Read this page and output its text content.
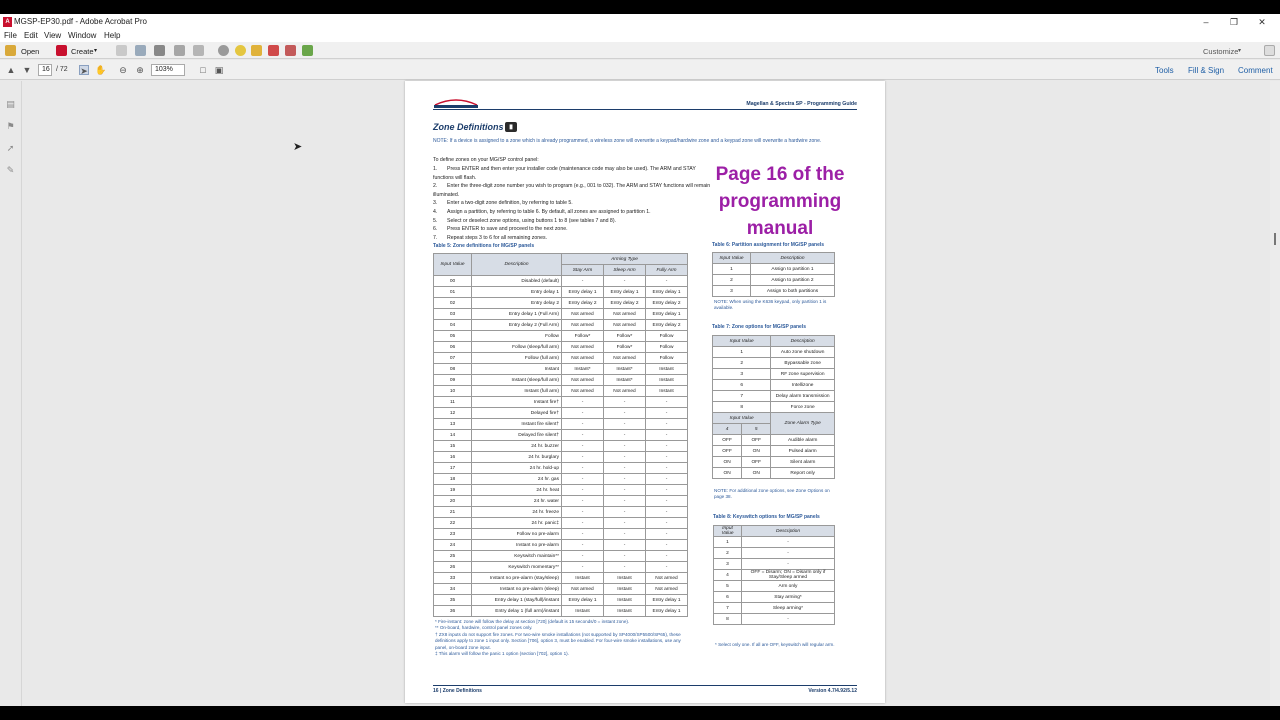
A MGSP-EP30.pdf - Adobe Acrobat Pro	–	❐	✕
File Edit View Window Help
Open	Create ▾	Customize ▾
▲ ▼	16 / 72 ➤ ✋ ⊖ ⊕	103%	□ ▣	Tools Fill & Sign Comment
▤
⚑
➚
✎
➤
Magellan & Spectra SP - Programming Guide
Zone Definitions	█
NOTE: If a device is assigned to a zone which is already programmed, a wireless zone will overwrite a keypad/hardwire zone and a keypad zone will overwrite a hardwire zone.
To define zones on your MG/SP control panel:
1. Press ENTER and then enter your installer code (maintenance code may also be used). The ARM and STAY functions will flash.
2. Enter the three-digit zone number you wish to program (e.g., 001 to 032). The ARM and STAY functions will remain illuminated.
3. Enter a two-digit zone definition, by referring to table 5.
4. Assign a partition, by referring to table 6. By default, all zones are assigned to partition 1.
5. Select or deselect zone options, using buttons 1 to 8 (see tables 7 and 8).
6. Press ENTER to save and proceed to the next zone.
7. Repeat steps 3 to 6 for all remaining zones.
Page 16 of the programming manual
Table 5: Zone definitions for MG/SP panels
Input Value	Description	Arming Type		
		Stay Arm	Sleep Arm	Fully Arm
00	Disabled (default)	-	-	-
01	Entry delay 1	Entry delay 1	Entry delay 1	Entry delay 1
02	Entry delay 2	Entry delay 2	Entry delay 2	Entry delay 2
03	Entry delay 1 (Full Arm)	Not armed	Not armed	Entry delay 1
04	Entry delay 2 (Full Arm)	Not armed	Not armed	Entry delay 2
05	Follow	Follow*	Follow*	Follow
06	Follow (sleep/full arm)	Not armed	Follow*	Follow
07	Follow (full arm)	Not armed	Not armed	Follow
08	Instant	Instant*	Instant*	Instant
09	Instant (sleep/full arm)	Not armed	Instant*	Instant
10	Instant (full arm)	Not armed	Not armed	Instant
11	Instant fire†	-	-	-
12	Delayed fire†	-	-	-
13	Instant fire silent†	-	-	-
14	Delayed fire silent†	-	-	-
15	24 hr. buzzer	-	-	-
16	24 hr. burglary	-	-	-
17	24 hr. hold-up	-	-	-
18	24 hr. gas	-	-	-
19	24 hr. heat	-	-	-
20	24 hr. water	-	-	-
21	24 hr. freeze	-	-	-
22	24 hr. panic‡	-	-	-
23	Follow no pre-alarm	-	-	-
24	Instant no pre-alarm	-	-	-
25	Keyswitch maintain**	-	-	-
26	Keyswitch momentary**	-	-	-
33	Instant no pre-alarm (stay/sleep)	Instant	Instant	Not armed
34	Instant no pre-alarm (sleep)	Not armed	Instant	Not armed
35	Entry delay 1 (stay/full)/instant	Entry delay 1	Instant	Entry delay 1
36	Entry delay 1 (full arm)/instant	Instant	Instant	Entry delay 1
* Fire-instant: zone will follow the delay at section [720] (default is 15 seconds/0 = instant zone).
** On-board, hardwire, control panel zones only.
† ZX8 inputs do not support fire zones. For two-wire smoke installations (not supported by SP4000/SP5500/SP65), these definitions apply to zone 1 input only. Section [706], option 3, must be enabled. For four-wire smoke installations, use any panel, on-board zone input.
‡ This alarm will follow the panic 1 option (section [702], option 1).
Table 6: Partition assignment for MG/SP panels
Input Value	Description
1	Assign to partition 1
2	Assign to partition 2
3	Assign to both partitions
NOTE: When using the K636 keypad, only partition 1 is available.
Table 7: Zone options for MG/SP panels
Input Value		Description
1		Auto zone shutdown
2		Bypassable zone
3		RF zone supervision
6		Intellizone
7		Delay alarm transmission
8		Force zone
Input Value		Zone Alarm Type
4	5	
OFF	OFF	Audible alarm
OFF	ON	Pulsed alarm
ON	OFF	Silent alarm
ON	ON	Report only
NOTE: For additional zone options, see Zone Options on page 38.
Table 8: Keyswitch options for MG/SP panels
Input Value	Description
1	-
2	-
3	-
4	OFF = Disarm; ON = Disarm only if Stay/Sleep armed
5	Arm only
6	Stay arming*
7	Sleep arming*
8	-
* Select only one. If all are OFF, keyswitch will regular arm.
16 | Zone Definitions	Version 4.7/4.92/5.12
